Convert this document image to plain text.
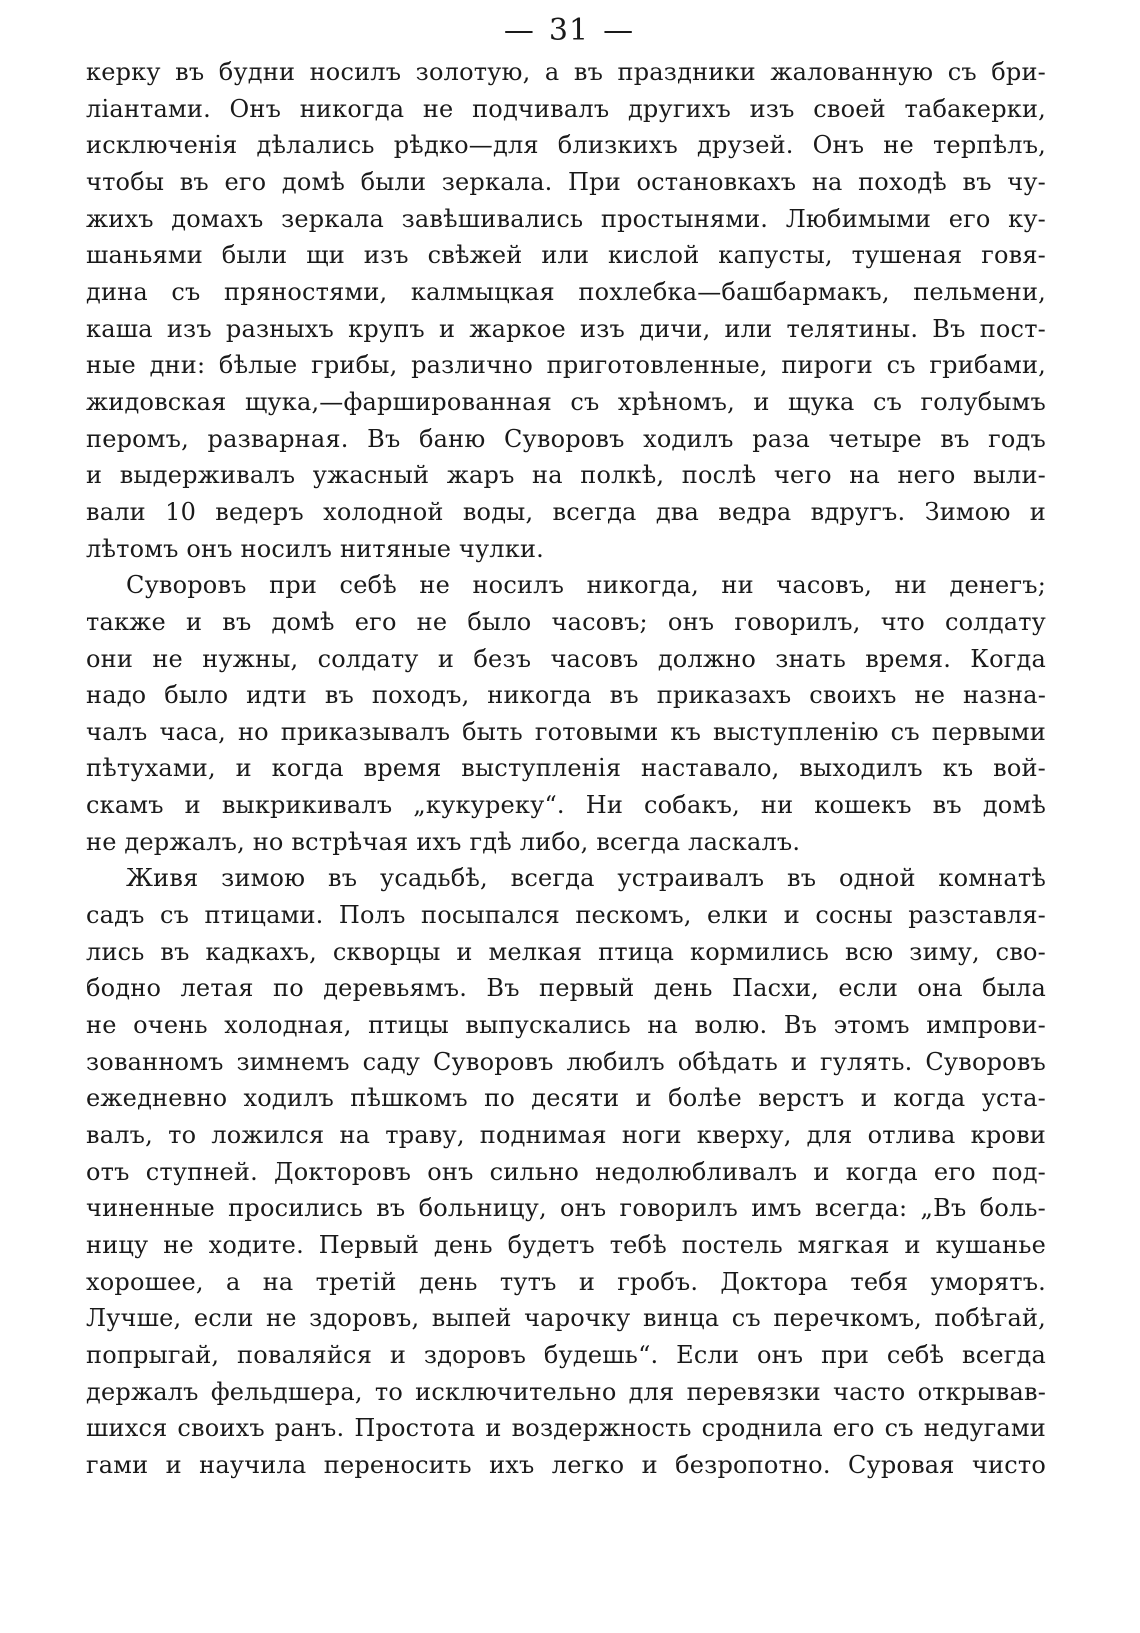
— 31 —
керку въ будни носилъ золотую, а въ праздники жалованную съ бри-
ліантами. Онъ никогда не подчивалъ другихъ изъ своей табакерки,
исключенія дѣлались рѣдко—для близкихъ друзей. Онъ не терпѣлъ,
чтобы въ его домѣ были зеркала. При остановкахъ на походѣ въ чу-
жихъ домахъ зеркала завѣшивались простынями. Любимыми его ку-
шаньями были щи изъ свѣжей или кислой капусты, тушеная говя-
дина съ пряностями, калмыцкая похлебка—башбармакъ, пельмени,
каша изъ разныхъ крупъ и жаркое изъ дичи, или телятины. Въ пост-
ные дни: бѣлые грибы, различно приготовленные, пироги съ грибами,
жидовская щука,—фаршированная съ хрѣномъ, и щука съ голубымъ
перомъ, разварная. Въ баню Суворовъ ходилъ раза четыре въ годъ
и выдерживалъ ужасный жаръ на полкѣ, послѣ чего на него выли-
вали 10 ведеръ холодной воды, всегда два ведра вдругъ. Зимою и
лѣтомъ онъ носилъ нитяные чулки.
Суворовъ при себѣ не носилъ никогда, ни часовъ, ни денегъ;
также и въ домѣ его не было часовъ; онъ говорилъ, что солдату
они не нужны, солдату и безъ часовъ должно знать время. Когда
надо было идти въ походъ, никогда въ приказахъ своихъ не назна-
чалъ часа, но приказывалъ быть готовыми къ выступленію съ первыми
пѣтухами, и когда время выступленія наставало, выходилъ къ вой-
скамъ и выкрикивалъ „кукуреку“. Ни собакъ, ни кошекъ въ домѣ
не держалъ, но встрѣчая ихъ гдѣ либо, всегда ласкалъ.
Живя зимою въ усадьбѣ, всегда устраивалъ въ одной комнатѣ
садъ съ птицами. Полъ посыпался пескомъ, елки и сосны разставля-
лись въ кадкахъ, скворцы и мелкая птица кормились всю зиму, сво-
бодно летая по деревьямъ. Въ первый день Пасхи, если она была
не очень холодная, птицы выпускались на волю. Въ этомъ импрови-
зованномъ зимнемъ саду Суворовъ любилъ обѣдать и гулять. Суворовъ
ежедневно ходилъ пѣшкомъ по десяти и болѣе верстъ и когда уста-
валъ, то ложился на траву, поднимая ноги кверху, для отлива крови
отъ ступней. Докторовъ онъ сильно недолюбливалъ и когда его под-
чиненные просились въ больницу, онъ говорилъ имъ всегда: „Въ боль-
ницу не ходите. Первый день будетъ тебѣ постель мягкая и кушанье
хорошее, а на третій день тутъ и гробъ. Доктора тебя уморятъ.
Лучше, если не здоровъ, выпей чарочку винца съ перечкомъ, побѣгай,
попрыгай, поваляйся и здоровъ будешь“. Если онъ при себѣ всегда
держалъ фельдшера, то исключительно для перевязки часто открывав-
шихся своихъ ранъ. Простота и воздержность сроднила его съ недугами
гами и научила переносить ихъ легко и безропотно. Суровая чисто
